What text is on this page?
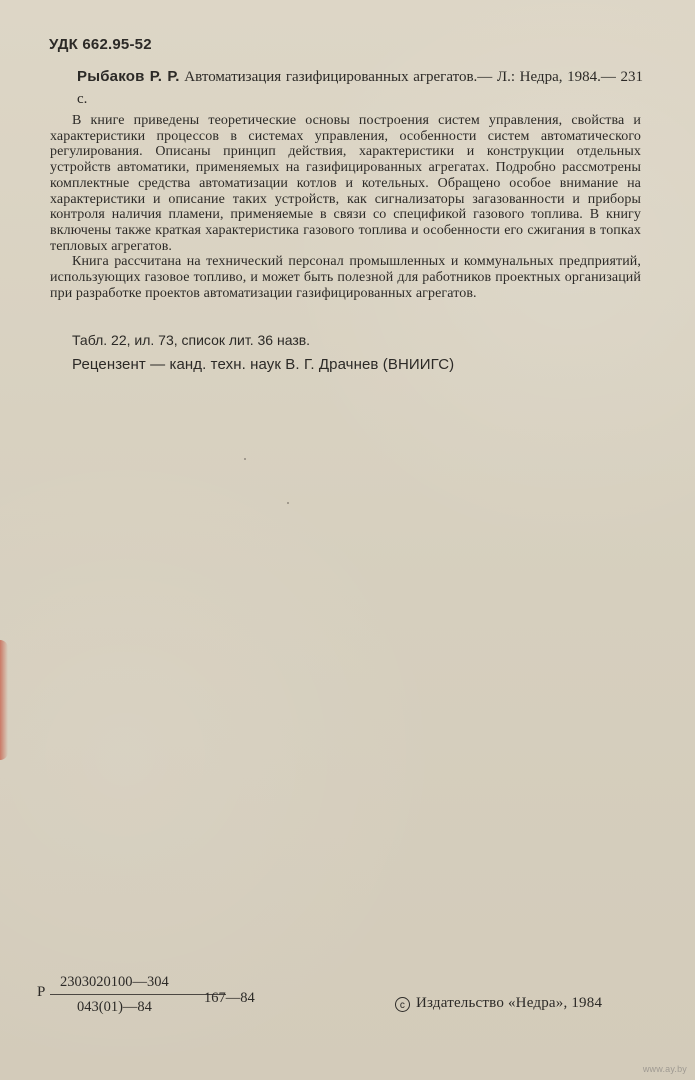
УДК 662.95-52
Рыбаков Р. Р. Автоматизация газифицированных агрегатов.— Л.: Недра, 1984.— 231 с.

В книге приведены теоретические основы построения систем управления, свойства и характеристики процессов в системах управления, особенности систем автоматического регулирования. Описаны принцип действия, характеристики и конструкции отдельных устройств автоматики, применяемых на газифицированных агрегатах. Подробно рассмотрены комплектные средства автоматизации котлов и котельных. Обращено особое внимание на характеристики и описание таких устройств, как сигнализаторы загазованности и приборы контроля наличия пламени, применяемые в связи со спецификой газового топлива. В книгу включены также краткая характеристика газового топлива и особенности его сжигания в топках тепловых агрегатов.

Книга рассчитана на технический персонал промышленных и коммунальных предприятий, использующих газовое топливо, и может быть полезной для работников проектных организаций при разработке проектов автоматизации газифицированных агрегатов.

Табл. 22, ил. 73, список лит. 36 назв.
Рецензент — канд. техн. наук В. Г. Драчнев (ВНИИГС)
Р
2303020100—304
043(01)—84
167—84	c Издательство «Недра», 1984
www.ay.by
